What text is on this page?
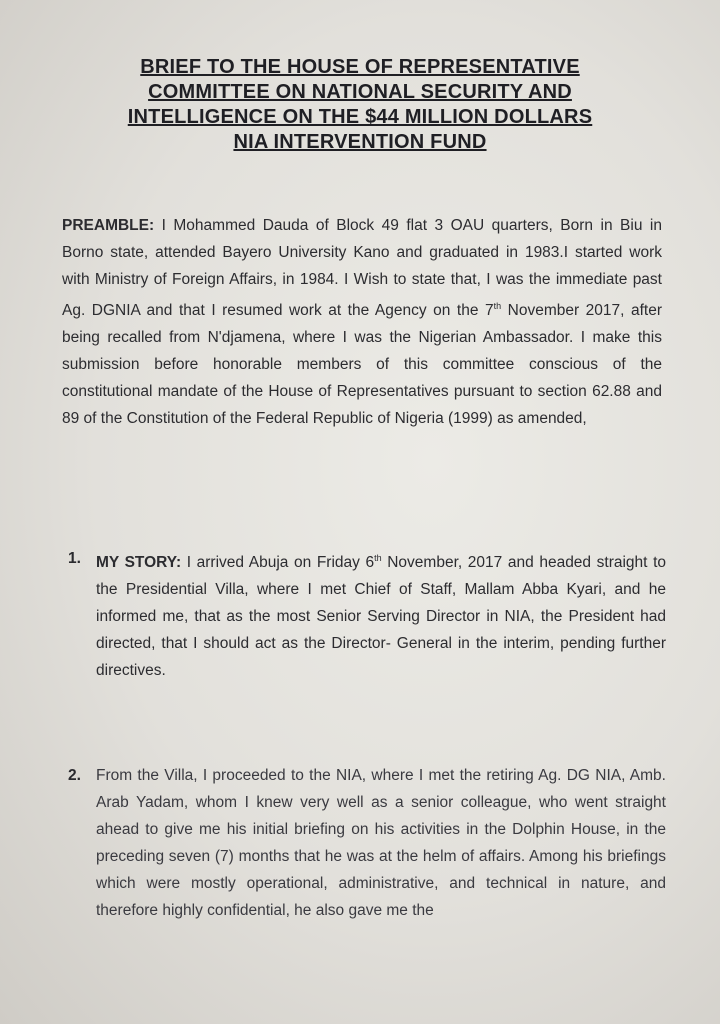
BRIEF TO THE HOUSE OF REPRESENTATIVE
COMMITTEE ON NATIONAL SECURITY AND
INTELLIGENCE ON THE $44 MILLION DOLLARS
NIA INTERVENTION FUND
PREAMBLE: I Mohammed Dauda of Block 49 flat 3 OAU quarters, Born in Biu in Borno state, attended Bayero University Kano and graduated in 1983.I started work with Ministry of Foreign Affairs, in 1984. I Wish to state that, I was the immediate past Ag. DGNIA and that I resumed work at the Agency on the 7th November 2017, after being recalled from N'djamena, where I was the Nigerian Ambassador. I make this submission before honorable members of this committee conscious of the constitutional mandate of the House of Representatives pursuant to section 62.88 and 89 of the Constitution of the Federal Republic of Nigeria (1999) as amended,
1. MY STORY: I arrived Abuja on Friday 6th November, 2017 and headed straight to the Presidential Villa, where I met Chief of Staff, Mallam Abba Kyari, and he informed me, that as the most Senior Serving Director in NIA, the President had directed, that I should act as the Director- General in the interim, pending further directives.
2. From the Villa, I proceeded to the NIA, where I met the retiring Ag. DG NIA, Amb. Arab Yadam, whom I knew very well as a senior colleague, who went straight ahead to give me his initial briefing on his activities in the Dolphin House, in the preceding seven (7) months that he was at the helm of affairs. Among his briefings which were mostly operational, administrative, and technical in nature, and therefore highly confidential, he also gave me the
